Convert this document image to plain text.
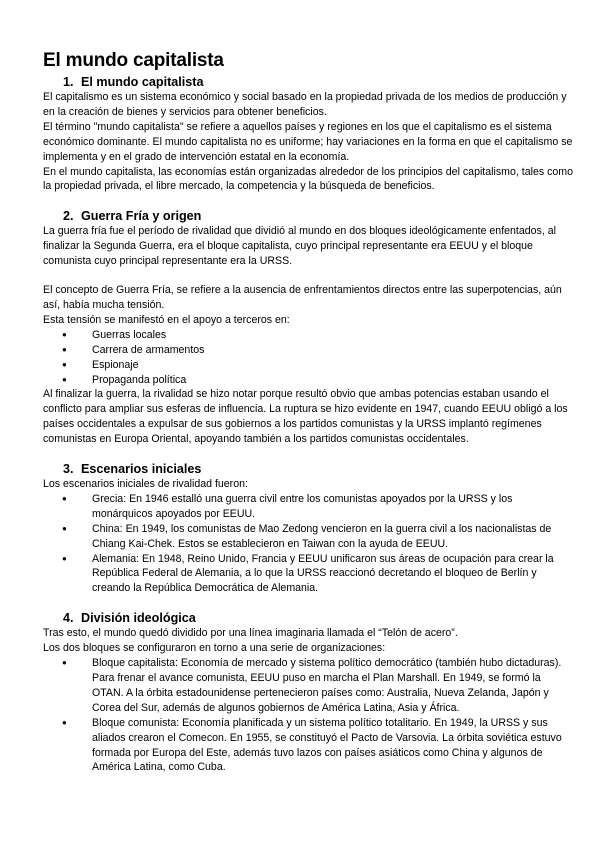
El mundo capitalista
1. El mundo capitalista

El capitalismo es un sistema económico y social basado en la propiedad privada de los medios de producción y en la creación de bienes y servicios para obtener beneficios.

El término "mundo capitalista" se refiere a aquellos países y regiones en los que el capitalismo es el sistema económico dominante. El mundo capitalista no es uniforme; hay variaciones en la forma en que el capitalismo se implementa y en el grado de intervención estatal en la economía.

En el mundo capitalista, las economías están organizadas alrededor de los principios del capitalismo, tales como la propiedad privada, el libre mercado, la competencia y la búsqueda de beneficios.

2. Guerra Fría y origen

La guerra fría fue el período de rivalidad que dividió al mundo en dos bloques ideológicamente enfentados, al finalizar la Segunda Guerra, era el bloque capitalista, cuyo principal representante era EEUU y el bloque comunista cuyo principal representante era la URSS.

El concepto de Guerra Fría, se refiere a la ausencia de enfrentamientos directos entre las superpotencias, aún así, había mucha tensión.

Esta tensión se manifestó en el apoyo a terceros en:

● Guerras locales
● Carrera de armamentos
● Espionaje
● Propaganda política

Al finalizar la guerra, la rivalidad se hizo notar porque resultó obvio que ambas potencias estaban usando el conflicto para ampliar sus esferas de influencia. La ruptura se hizo evidente en 1947, cuando EEUU obligó a los países occidentales a expulsar de sus gobiernos a los partidos comunistas y la URSS implantó regímenes comunistas en Europa Oriental, apoyando también a los partidos comunistas occidentales.

3. Escenarios iniciales

Los escenarios iniciales de rivalidad fueron:

● Grecia: En 1946 estalló una guerra civil entre los comunistas apoyados por la URSS y los monárquicos apoyados por EEUU.
● China: En 1949, los comunistas de Mao Zedong vencieron en la guerra civil a los nacionalistas de Chiang Kai-Chek. Estos se establecieron en Taiwan con la ayuda de EEUU.
● Alemania: En 1948, Reino Unido, Francia y EEUU unificaron sus áreas de ocupación para crear la República Federal de Alemania, a lo que la URSS reaccionó decretando el bloqueo de Berlín y creando la República Democrática de Alemania.
4. División ideológica

Tras esto, el mundo quedó dividido por una línea imaginaria llamada el “Telón de acero”.

Los dos bloques se configuraron en torno a una serie de organizaciones:

● Bloque capitalista: Economía de mercado y sistema político democrático (también hubo dictaduras). Para frenar el avance comunista, EEUU puso en marcha el Plan Marshall. En 1949, se formó la OTAN. A la órbita estadounidense pertenecieron países como: Australia, Nueva Zelanda, Japón y Corea del Sur, además de algunos gobiernos de América Latina, Asia y África.
● Bloque comunista: Economía planificada y un sistema político totalitario. En 1949, la URSS y sus aliados crearon el Comecon. En 1955, se constituyó el Pacto de Varsovia. La órbita soviética estuvo formada por Europa del Este, además tuvo lazos con países asiáticos como China y algunos de América Latina, como Cuba.
